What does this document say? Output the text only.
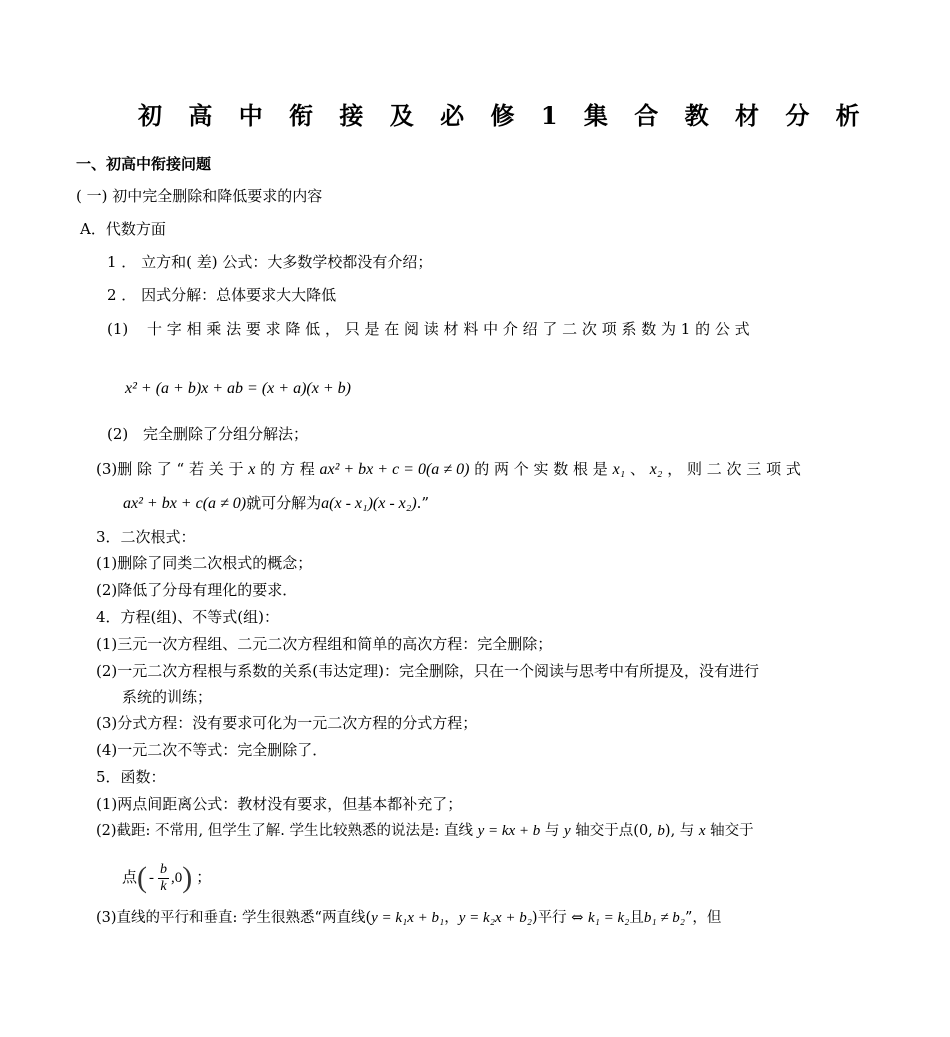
初 高 中 衔 接 及 必 修 1 集 合 教 材 分 析
一、初高中衔接问题
( 一) 初中完全删除和降低要求的内容
A．代数方面
1 ． 立方和( 差) 公式：大多数学校都没有介绍；
2 ． 因式分解：总体要求大大降低
(1) 十 字 相 乘 法 要 求 降 低 ， 只 是 在 阅 读 材 料 中 介 绍 了 二 次 项 系 数 为 1 的 公 式
x² + (a + b)x + ab = (x + a)(x + b)
(2) 完全删除了分组分解法；
(3)删 除 了 “ 若 关 于 x 的 方 程 ax² + bx + c = 0(a ≠ 0) 的 两 个 实 数 根 是 x₁ 、 x₂ ， 则 二 次 三 项 式
ax² + bx + c(a ≠ 0)就可分解为a(x - x₁)(x - x₂).”
3．二次根式：
(1)删除了同类二次根式的概念；
(2)降低了分母有理化的要求．
4．方程(组)、不等式(组)：
(1)三元一次方程组、二元二次方程组和简单的高次方程：完全删除；
(2)一元二次方程根与系数的关系(韦达定理)：完全删除，只在一个阅读与思考中有所提及，没有进行
系统的训练；
(3)分式方程：没有要求可化为一元二次方程的分式方程；
(4)一元二次不等式：完全删除了．
5．函数：
(1)两点间距离公式：教材没有要求，但基本都补充了；
(2)截距: 不常用, 但学生了解. 学生比较熟悉的说法是: 直线 y = kx + b 与 y 轴交于点(0, b), 与 x 轴交于
点( - $\frac{b}{k} ,0$) ；
(3)直线的平行和垂直: 学生很熟悉“两直线(y = k₁x + b₁，y = k₂x + b₂)平行 ⇔ k₁ = k₂且b₁ ≠ b₂”，但
